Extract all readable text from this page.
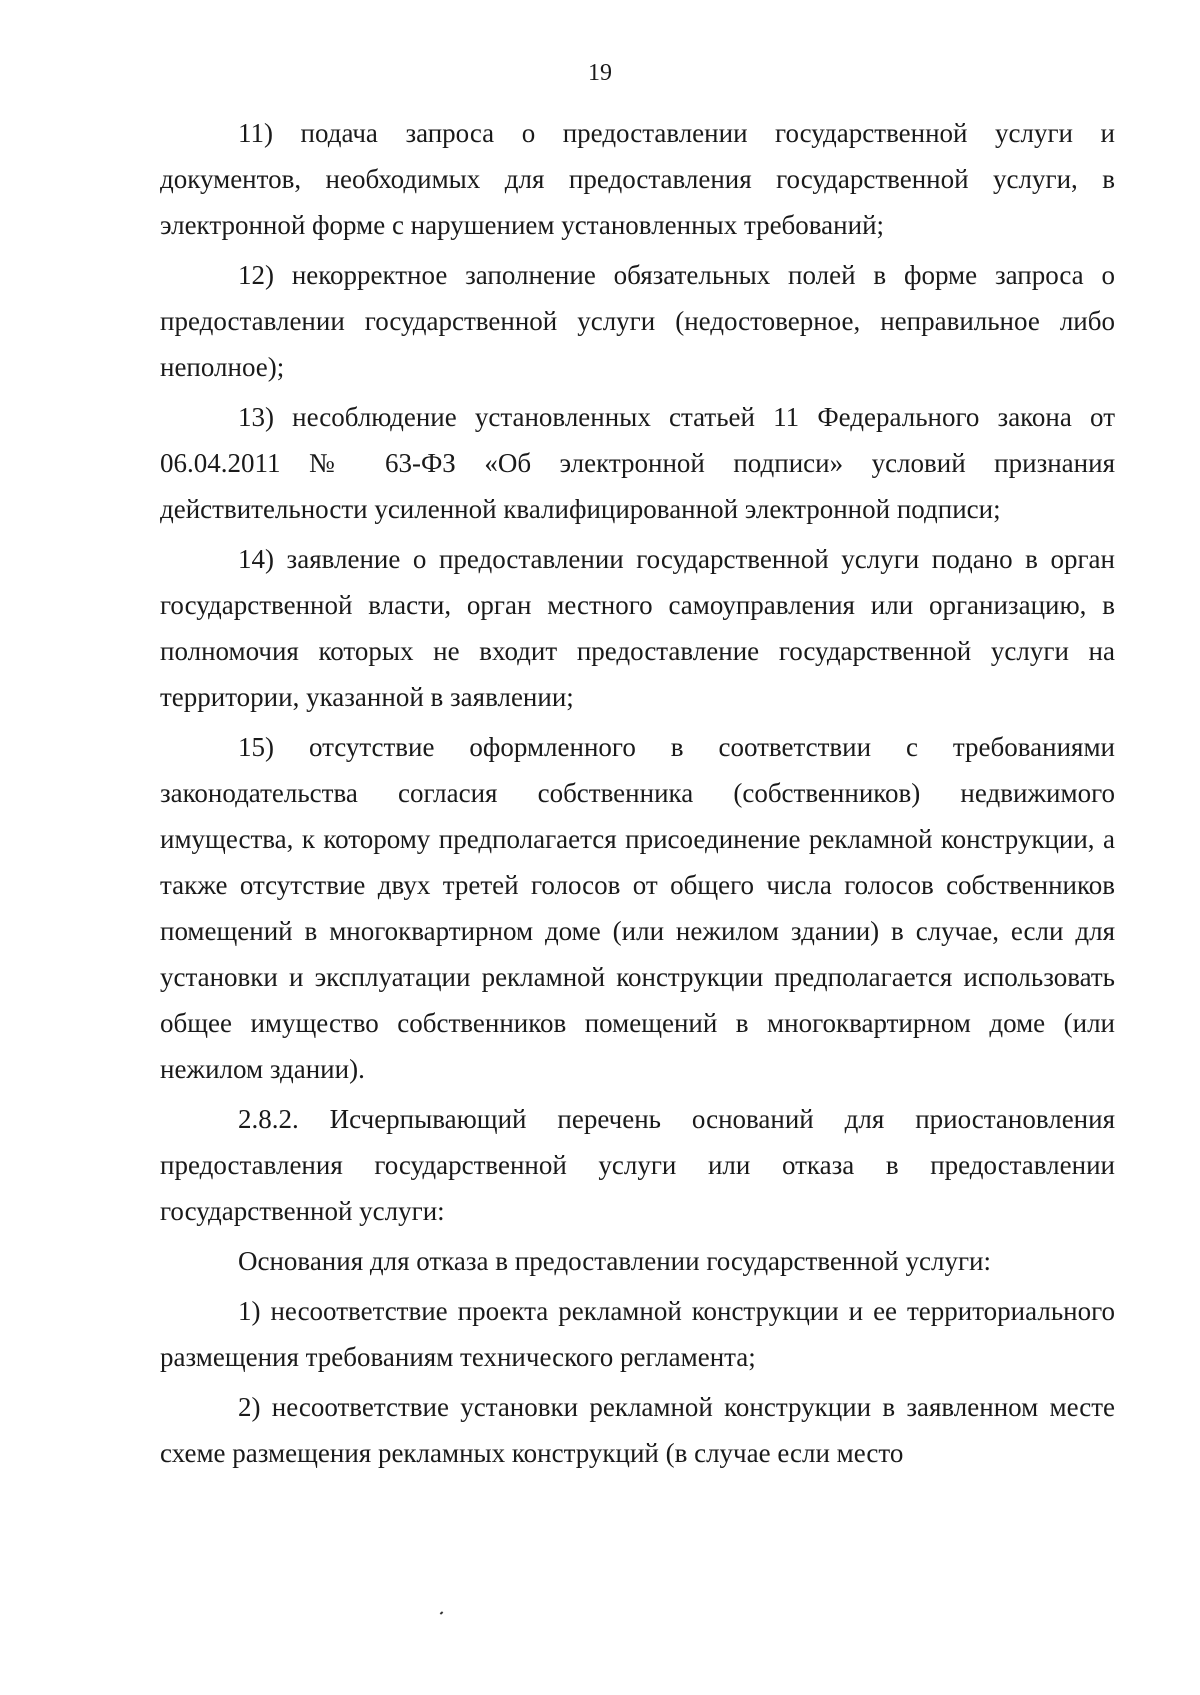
19

11) подача запроса о предоставлении государственной услуги и документов, необходимых для предоставления государственной услуги, в электронной форме с нарушением установленных требований;

12) некорректное заполнение обязательных полей в форме запроса о предоставлении государственной услуги (недостоверное, неправильное либо неполное);

13) несоблюдение установленных статьей 11 Федерального закона от 06.04.2011 № 63-ФЗ «Об электронной подписи» условий признания действительности усиленной квалифицированной электронной подписи;

14) заявление о предоставлении государственной услуги подано в орган государственной власти, орган местного самоуправления или организацию, в полномочия которых не входит предоставление государственной услуги на территории, указанной в заявлении;

15) отсутствие оформленного в соответствии с требованиями законодательства согласия собственника (собственников) недвижимого имущества, к которому предполагается присоединение рекламной конструкции, а также отсутствие двух третей голосов от общего числа голосов собственников помещений в многоквартирном доме (или нежилом здании) в случае, если для установки и эксплуатации рекламной конструкции предполагается использовать общее имущество собственников помещений в многоквартирном доме (или нежилом здании).

2.8.2. Исчерпывающий перечень оснований для приостановления предоставления государственной услуги или отказа в предоставлении государственной услуги:

Основания для отказа в предоставлении государственной услуги:

1) несоответствие проекта рекламной конструкции и ее территориального размещения требованиям технического регламента;

2) несоответствие установки рекламной конструкции в заявленном месте схеме размещения рекламных конструкций (в случае если место
